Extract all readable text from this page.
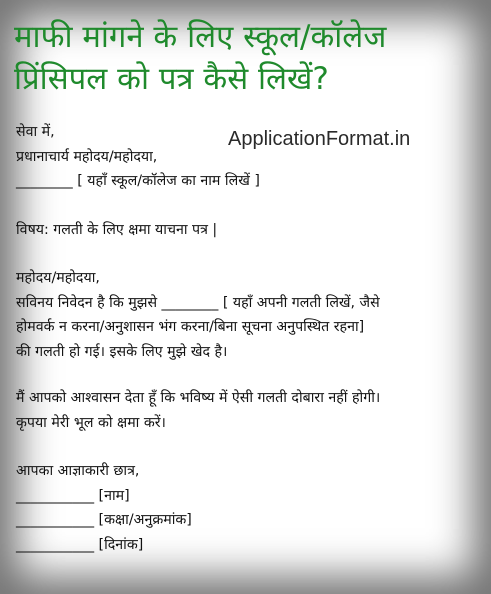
माफी मांगने के लिए स्कूल/कॉलेज
प्रिंसिपल को पत्र कैसे लिखें?
ApplicationFormat.in
सेवा में,
प्रधानाचार्य महोदय/महोदया,
________ [ यहाँ स्कूल/कॉलेज का नाम लिखें ]
विषय: गलती के लिए क्षमा याचना पत्र |
महोदय/महोदया,
सविनय निवेदन है कि मुझसे ________ [ यहाँ अपनी गलती लिखें, जैसे
होमवर्क न करना/अनुशासन भंग करना/बिना सूचना अनुपस्थित रहना]
की गलती हो गई। इसके लिए मुझे खेद है।
मैं आपको आश्वासन देता हूँ कि भविष्य में ऐसी गलती दोबारा नहीं होगी।
कृपया मेरी भूल को क्षमा करें।
आपका आज्ञाकारी छात्र,
___________ [नाम]
___________ [कक्षा/अनुक्रमांक]
___________ [दिनांक]
